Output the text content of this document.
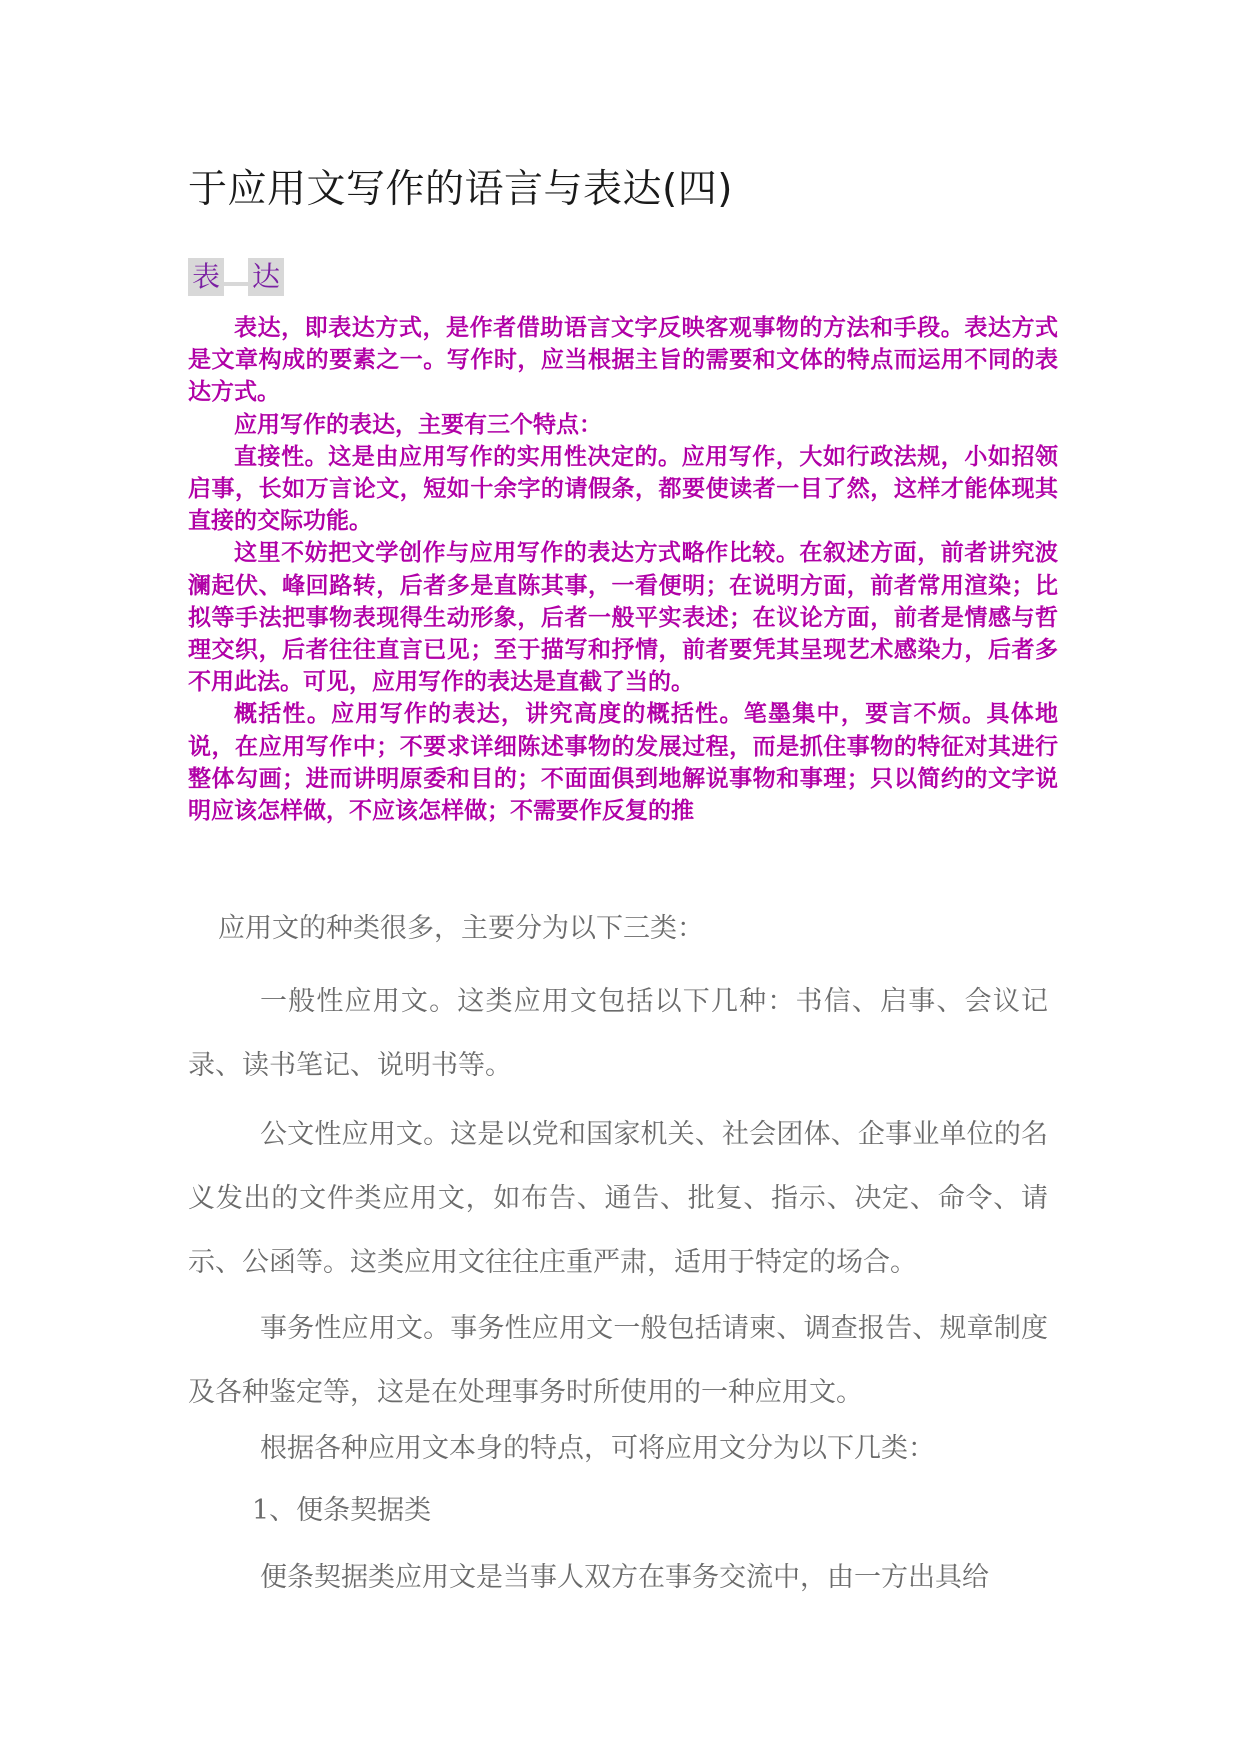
于应用文写作的语言与表达(四)
表 达

表达，即表达方式，是作者借助语言文字反映客观事物的方法和手段。表达方式是文章构成的要素之一。写作时，应当根据主旨的需要和文体的特点而运用不同的表达方式。

应用写作的表达，主要有三个特点：

直接性。这是由应用写作的实用性决定的。应用写作，大如行政法规，小如招领启事，长如万言论文，短如十余字的请假条，都要使读者一目了然，这样才能体现其直接的交际功能。

这里不妨把文学创作与应用写作的表达方式略作比较。在叙述方面，前者讲究波澜起伏、峰回路转，后者多是直陈其事，一看便明；在说明方面，前者常用渲染；比拟等手法把事物表现得生动形象，后者一般平实表述；在议论方面，前者是情感与哲理交织，后者往往直言已见；至于描写和抒情，前者要凭其呈现艺术感染力，后者多不用此法。可见，应用写作的表达是直截了当的。

概括性。应用写作的表达，讲究高度的概括性。笔墨集中，要言不烦。具体地说，在应用写作中；不要求详细陈述事物的发展过程，而是抓住事物的特征对其进行整体勾画；进而讲明原委和目的；不面面俱到地解说事物和事理；只以简约的文字说明应该怎样做，不应该怎样做；不需要作反复的推

应用文的种类很多，主要分为以下三类：

一般性应用文。这类应用文包括以下几种：书信、启事、会议记录、读书笔记、说明书等。

公文性应用文。这是以党和国家机关、社会团体、企事业单位的名义发出的文件类应用文，如布告、通告、批复、指示、决定、命令、请示、公函等。这类应用文往往庄重严肃，适用于特定的场合。

事务性应用文。事务性应用文一般包括请柬、调查报告、规章制度及各种鉴定等，这是在处理事务时所使用的一种应用文。

根据各种应用文本身的特点，可将应用文分为以下几类：

1、便条契据类

便条契据类应用文是当事人双方在事务交流中，由一方出具给
